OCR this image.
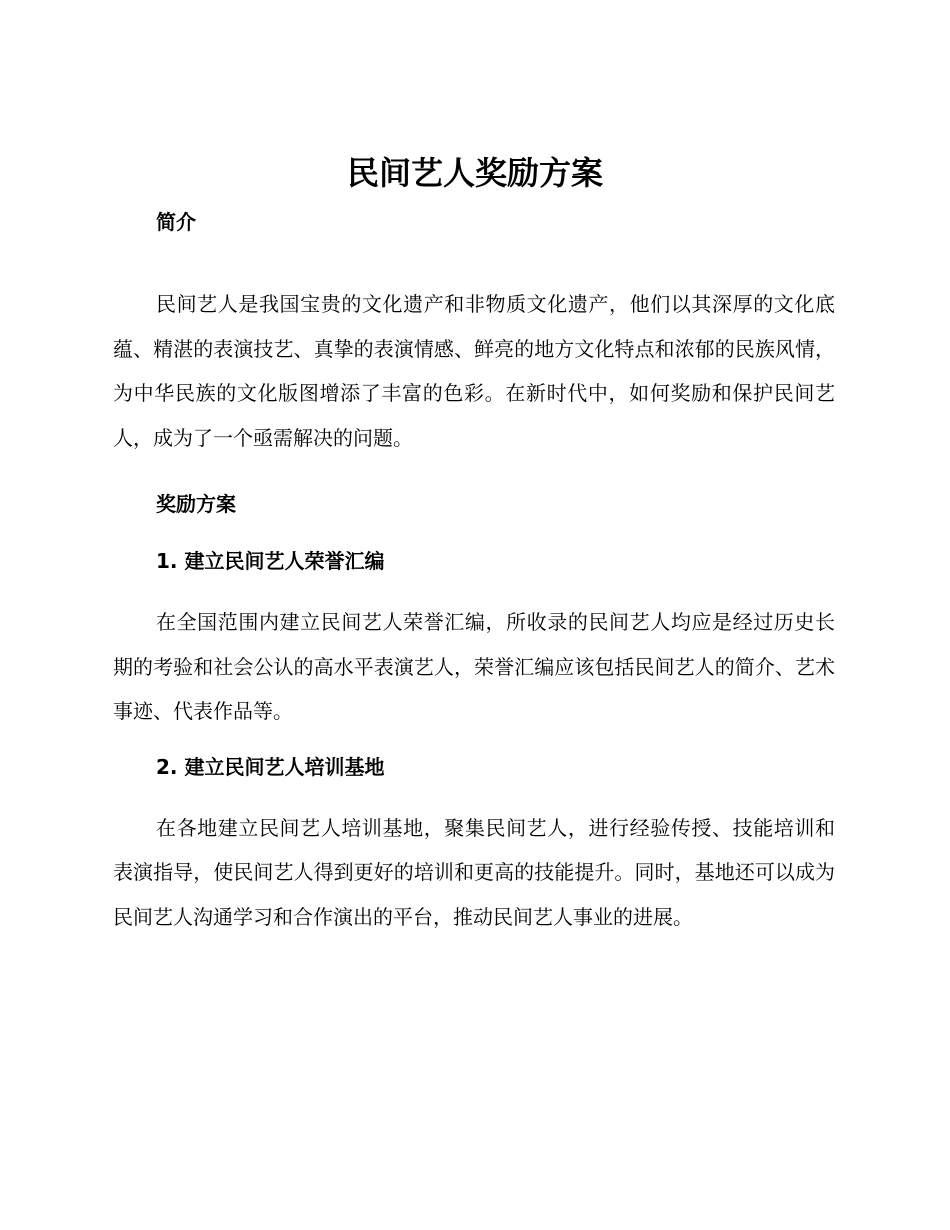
民间艺人奖励方案
简介

民间艺人是我国宝贵的文化遗产和非物质文化遗产，他们以其深厚的文化底蕴、精湛的表演技艺、真挚的表演情感、鲜亮的地方文化特点和浓郁的民族风情，为中华民族的文化版图增添了丰富的色彩。在新时代中，如何奖励和保护民间艺人，成为了一个亟需解决的问题。

奖励方案
1. 建立民间艺人荣誉汇编

在全国范围内建立民间艺人荣誉汇编，所收录的民间艺人均应是经过历史长期的考验和社会公认的高水平表演艺人，荣誉汇编应该包括民间艺人的简介、艺术事迹、代表作品等。

2. 建立民间艺人培训基地

在各地建立民间艺人培训基地，聚集民间艺人，进行经验传授、技能培训和表演指导，使民间艺人得到更好的培训和更高的技能提升。同时，基地还可以成为民间艺人沟通学习和合作演出的平台，推动民间艺人事业的进展。
